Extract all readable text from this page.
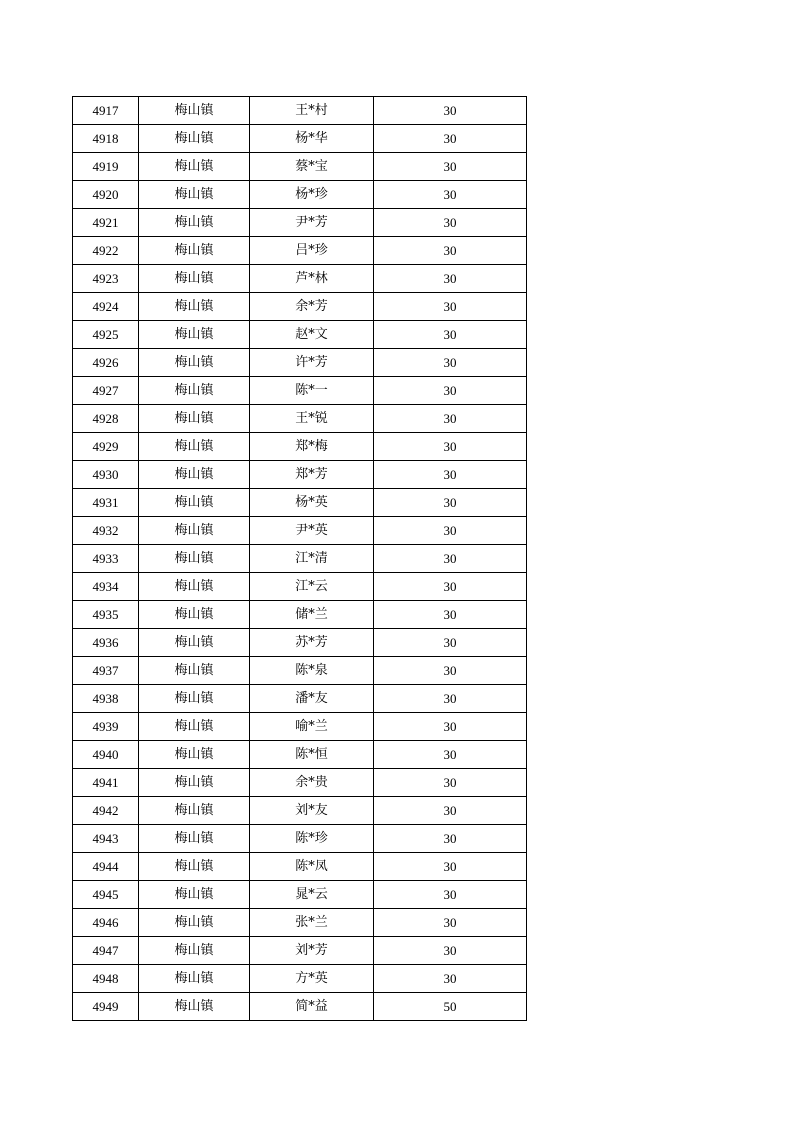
4917	梅山镇	王*村	30
4918	梅山镇	杨*华	30
4919	梅山镇	蔡*宝	30
4920	梅山镇	杨*珍	30
4921	梅山镇	尹*芳	30
4922	梅山镇	吕*珍	30
4923	梅山镇	芦*林	30
4924	梅山镇	余*芳	30
4925	梅山镇	赵*文	30
4926	梅山镇	许*芳	30
4927	梅山镇	陈*一	30
4928	梅山镇	王*锐	30
4929	梅山镇	郑*梅	30
4930	梅山镇	郑*芳	30
4931	梅山镇	杨*英	30
4932	梅山镇	尹*英	30
4933	梅山镇	江*清	30
4934	梅山镇	江*云	30
4935	梅山镇	储*兰	30
4936	梅山镇	苏*芳	30
4937	梅山镇	陈*泉	30
4938	梅山镇	潘*友	30
4939	梅山镇	喻*兰	30
4940	梅山镇	陈*恒	30
4941	梅山镇	余*贵	30
4942	梅山镇	刘*友	30
4943	梅山镇	陈*珍	30
4944	梅山镇	陈*凤	30
4945	梅山镇	晁*云	30
4946	梅山镇	张*兰	30
4947	梅山镇	刘*芳	30
4948	梅山镇	方*英	30
4949	梅山镇	简*益	50
